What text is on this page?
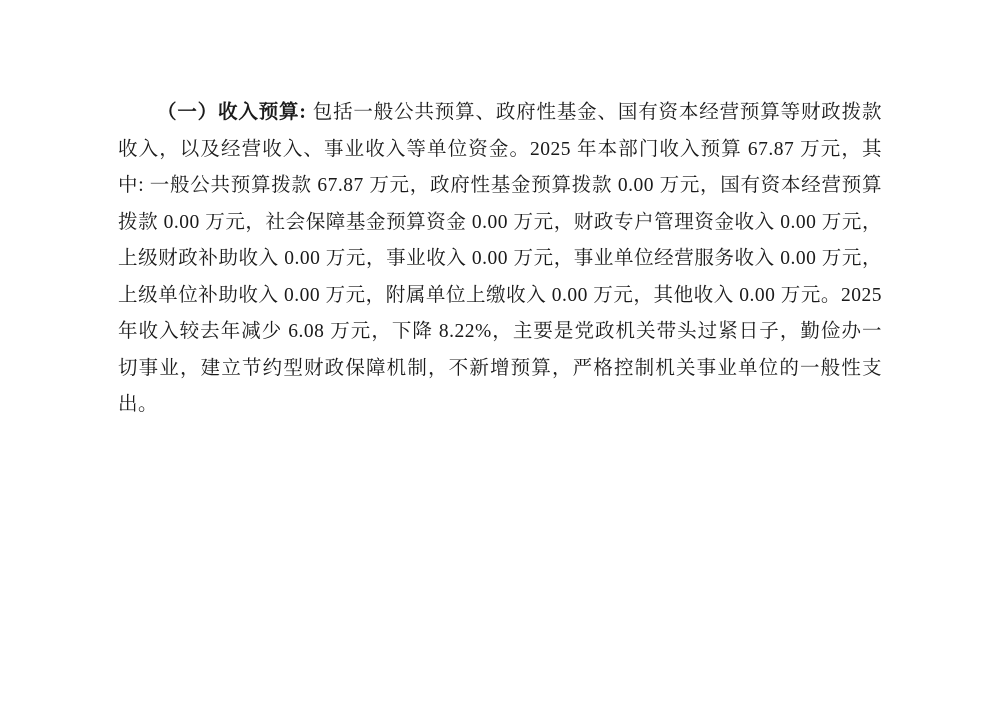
（一）收入预算: 包括一般公共预算、政府性基金、国有资本经营预算等财政拨款收入，以及经营收入、事业收入等单位资金。2025 年本部门收入预算 67.87 万元，其中: 一般公共预算拨款 67.87 万元，政府性基金预算拨款 0.00 万元，国有资本经营预算拨款 0.00 万元，社会保障基金预算资金 0.00 万元，财政专户管理资金收入 0.00 万元，上级财政补助收入 0.00 万元，事业收入 0.00 万元，事业单位经营服务收入 0.00 万元，上级单位补助收入 0.00 万元，附属单位上缴收入 0.00 万元，其他收入 0.00 万元。2025 年收入较去年减少 6.08 万元，下降 8.22%，主要是党政机关带头过紧日子，勤俭办一切事业，建立节约型财政保障机制，不新增预算，严格控制机关事业单位的一般性支出。
